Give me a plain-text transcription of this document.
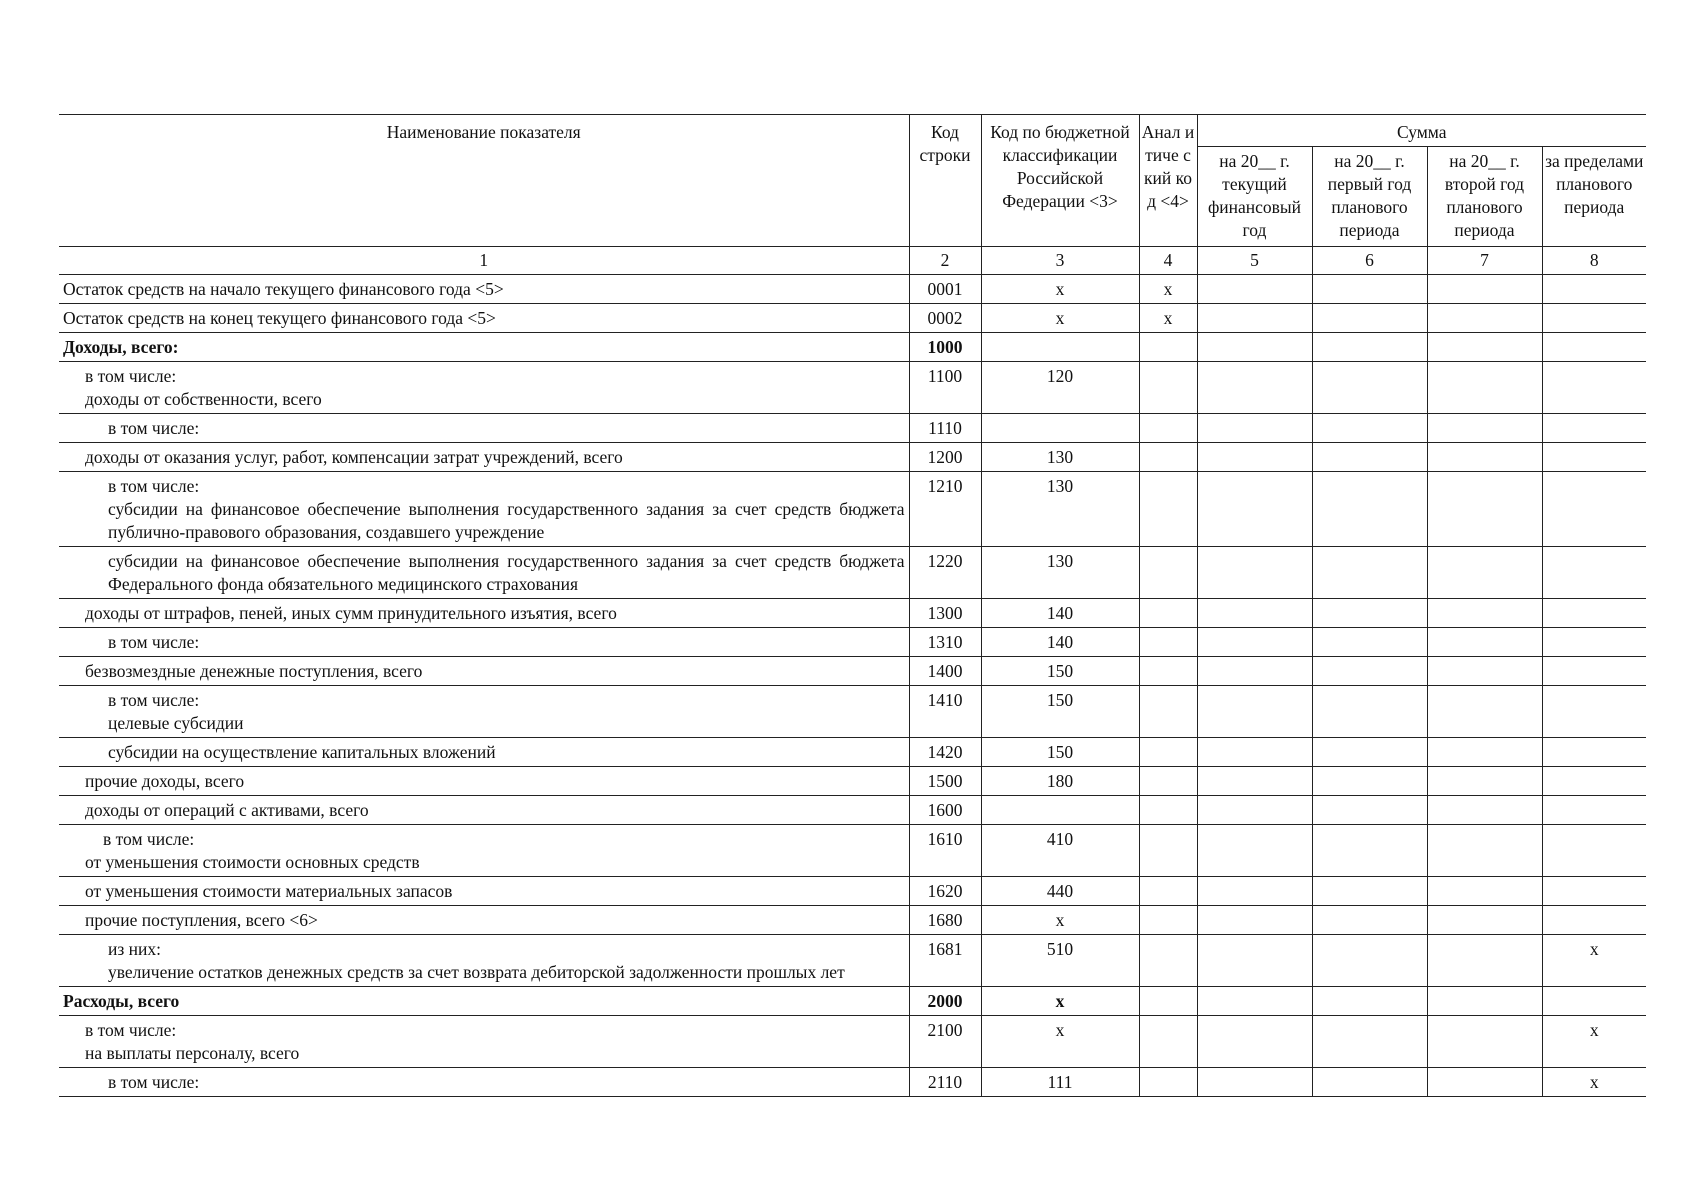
Наименование показателя	Код строки	Код по бюджетной классификации Российской Федерации <3>	Анал итиче ский код <4>	Сумма			
				на 20__ г. текущий финансовый год	на 20__ г. первый год планового периода	на 20__ г. второй год планового периода	за пределами планового периода
1	2	3	4	5	6	7	8

Остаток средств на начало текущего финансового года <5>	0001	x	x				

Остаток средств на конец текущего финансового года <5>	0002	x	x				

Доходы, всего:	1000						

в том числе:
доходы от собственности, всего	1100	120					

в том числе:	1110						

доходы от оказания услуг, работ, компенсации затрат учреждений, всего	1200	130					

в том числе:
субсидии на финансовое обеспечение выполнения государственного задания за счет средств бюджета публично-правового образования, создавшего учреждение	1210	130					

субсидии на финансовое обеспечение выполнения государственного задания за счет средств бюджета Федерального фонда обязательного медицинского страхования	1220	130					

доходы от штрафов, пеней, иных сумм принудительного изъятия, всего	1300	140					

в том числе:	1310	140					

безвозмездные денежные поступления, всего	1400	150					

в том числе:
целевые субсидии	1410	150					

субсидии на осуществление капитальных вложений	1420	150					

прочие доходы, всего	1500	180					

доходы от операций с активами, всего	1600						

в том числе:
от уменьшения стоимости основных средств	1610	410					

от уменьшения стоимости материальных запасов	1620	440					

прочие поступления, всего <6>	1680	x					

из них:
увеличение остатков денежных средств за счет возврата дебиторской задолженности прошлых лет	1681	510					x

Расходы, всего	2000	x					

в том числе:
на выплаты персоналу, всего	2100	x					x

в том числе:	2110	111					x
